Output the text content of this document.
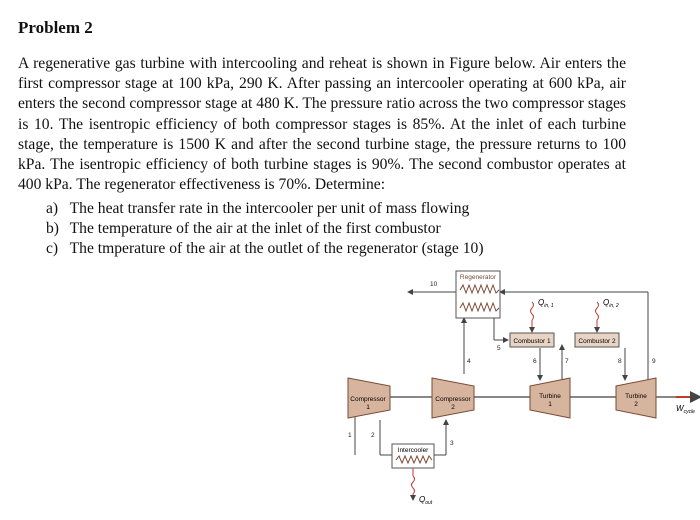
Problem 2
A regenerative gas turbine with intercooling and reheat is shown in Figure below. Air enters the first compressor stage at 100 kPa, 290 K. After passing an intercooler operating at 600 kPa, air enters the second compressor stage at 480 K. The pressure ratio across the two compressor stages is 10. The isentropic efficiency of both compressor stages is 85%. At the inlet of each turbine stage, the temperature is 1500 K and after the second turbine stage, the pressure returns to 100 kPa. The isentropic efficiency of both turbine stages is 90%. The second combustor operates at 400 kPa. The regenerator effectiveness is 70%. Determine:
a) The heat transfer rate in the intercooler per unit of mass flowing
b) The temperature of the air at the inlet of the first combustor
c) The tmperature of the air at the outlet of the regenerator (stage 10)
Regenerator
Combustor 1	Combustor 2
$Q_{in, 1}$	$Q_{in, 2}$
Compressor
1
Compressor
2
Turbine
1
Turbine
2
Intercooler
$Q_{out}$
$W_{cycle}$
1	2
3
4
5
6	7	8	9
10
